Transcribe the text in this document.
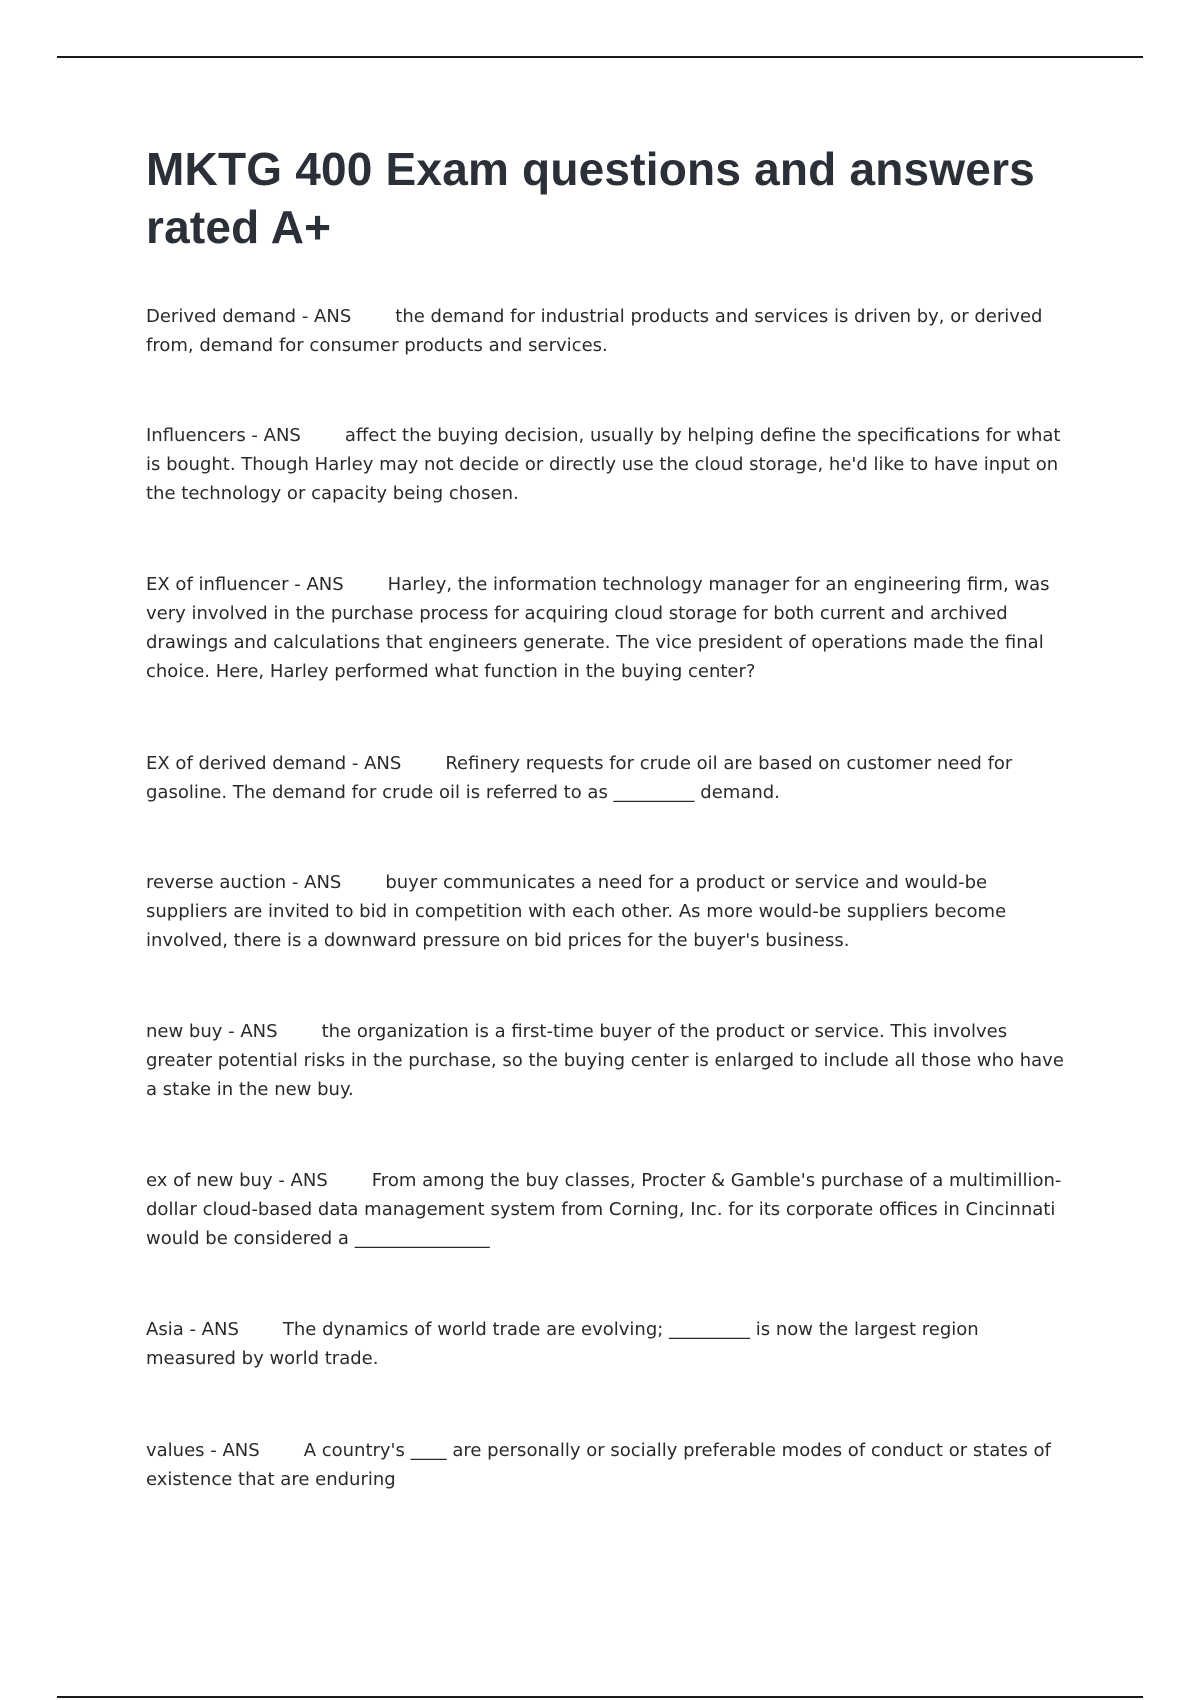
MKTG 400 Exam questions and answers rated A+
Derived demand - ANS the demand for industrial products and services is driven by, or derived from, demand for consumer products and services.
Influencers - ANS affect the buying decision, usually by helping define the specifications for what is bought. Though Harley may not decide or directly use the cloud storage, he'd like to have input on the technology or capacity being chosen.
EX of influencer - ANS Harley, the information technology manager for an engineering firm, was very involved in the purchase process for acquiring cloud storage for both current and archived drawings and calculations that engineers generate. The vice president of operations made the final choice. Here, Harley performed what function in the buying center?
EX of derived demand - ANS Refinery requests for crude oil are based on customer need for gasoline. The demand for crude oil is referred to as _________ demand.
reverse auction - ANS buyer communicates a need for a product or service and would-be suppliers are invited to bid in competition with each other. As more would-be suppliers become involved, there is a downward pressure on bid prices for the buyer's business.
new buy - ANS the organization is a first-time buyer of the product or service. This involves greater potential risks in the purchase, so the buying center is enlarged to include all those who have a stake in the new buy.
ex of new buy - ANS From among the buy classes, Procter & Gamble's purchase of a multimillion-dollar cloud-based data management system from Corning, Inc. for its corporate offices in Cincinnati would be considered a _______________
Asia - ANS The dynamics of world trade are evolving; _________ is now the largest region measured by world trade.
values - ANS A country's ____ are personally or socially preferable modes of conduct or states of existence that are enduring
